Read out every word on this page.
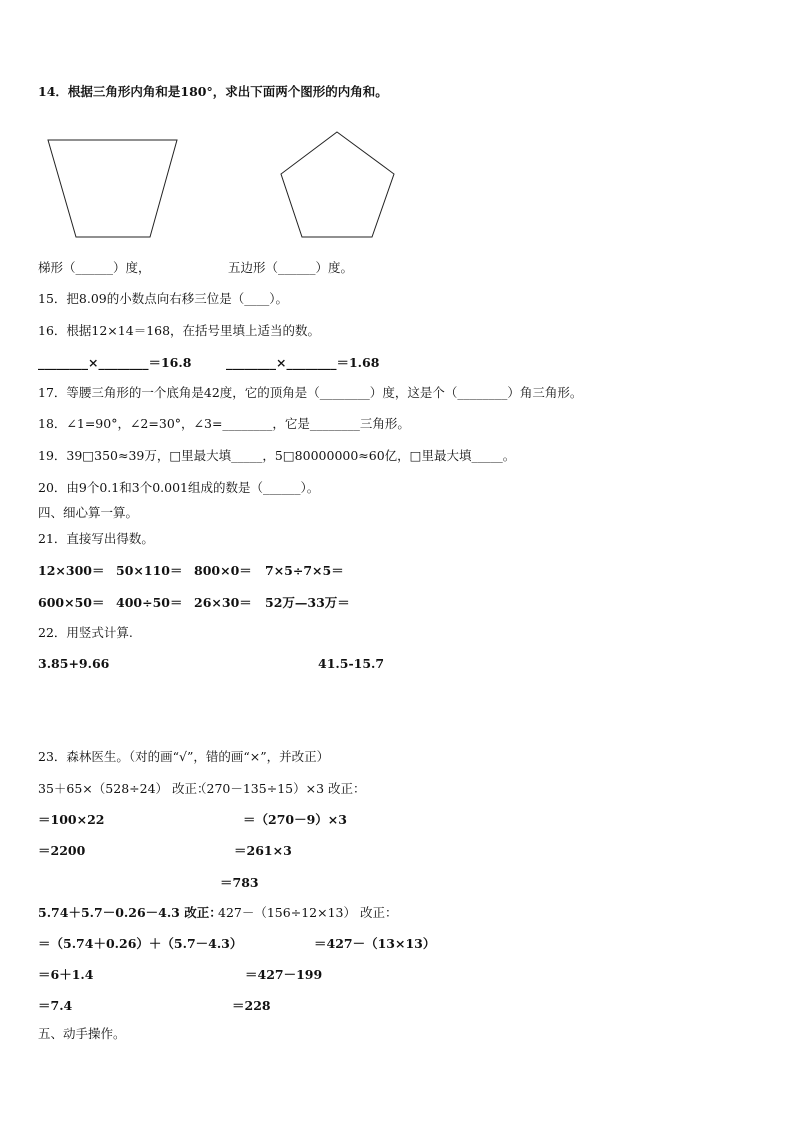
14．根据三角形内角和是180°，求出下面两个图形的内角和。
梯形（______）度，	五边形（______）度。
15．把8.09的小数点向右移三位是（____）。
16．根据12×14＝168，在括号里填上适当的数。
________×________＝16.8	________×________＝1.68
17．等腰三角形的一个底角是42度，它的顶角是（________）度，这是个（________）角三角形。
18．∠1=90°，∠2=30°，∠3=________，它是________三角形。
19．39□350≈39万，□里最大填_____，5□80000000≈60亿，□里最大填_____。
20．由9个0.1和3个0.001组成的数是（______）。
四、细心算一算。
21．直接写出得数。
12×300＝ 50×110＝ 800×0＝ 7×5÷7×5＝
600×50＝ 400÷50＝ 26×30＝ 52万—33万＝
22．用竖式计算.
3.85+9.66	41.5-15.7
23．森林医生。（对的画“√”，错的画“×”，并改正）
35＋65×（528÷24） 改正：
（270－135÷15）×3 改正：
＝100×22	＝（270－9）×3
＝2200	＝261×3
＝783
5.74＋5.7－0.26－4.3 改正：
427－（156÷12×13） 改正：
＝（5.74＋0.26）＋（5.7－4.3）	＝427－（13×13）
＝6＋1.4	＝427－199
＝7.4	＝228
五、动手操作。
